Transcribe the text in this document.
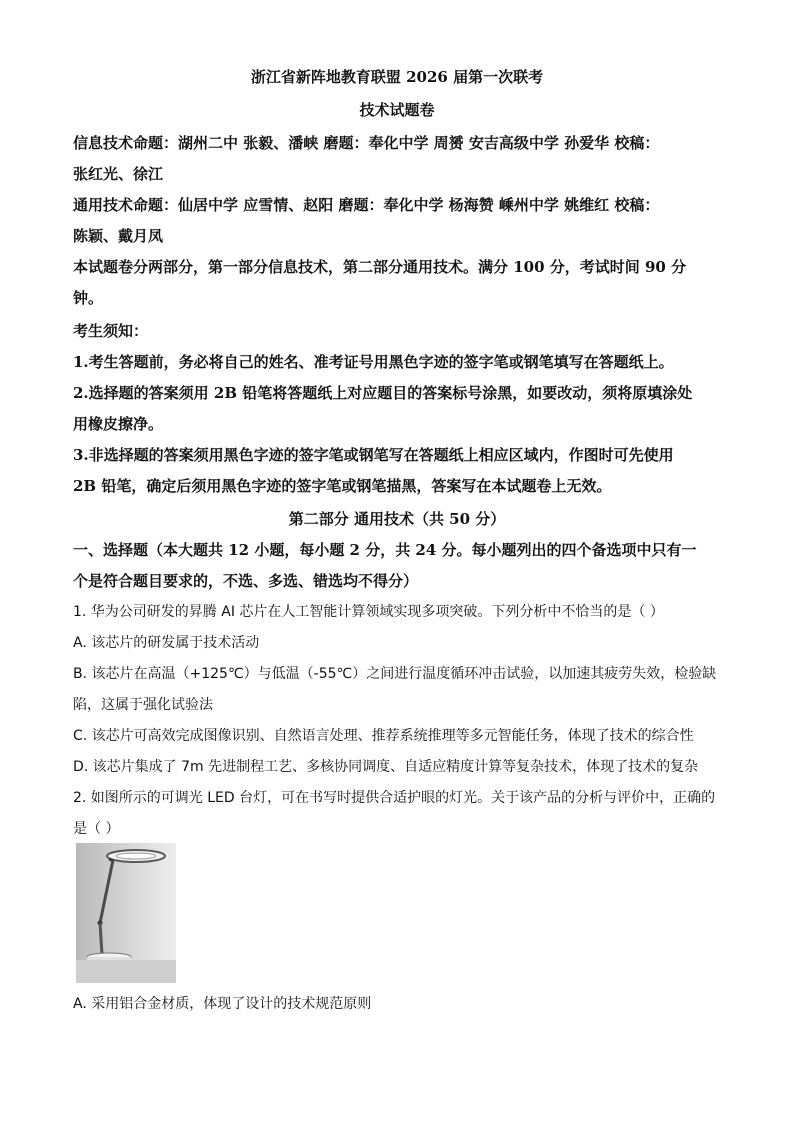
浙江省新阵地教育联盟 2026 届第一次联考
技术试题卷
信息技术命题：湖州二中 张毅、潘峡 磨题：奉化中学 周赟 安吉高级中学 孙爱华 校稿：
张红光、徐江
通用技术命题：仙居中学 应雪情、赵阳 磨题：奉化中学 杨海赞 嵊州中学 姚维红 校稿：
陈颖、戴月凤
本试题卷分两部分，第一部分信息技术，第二部分通用技术。满分 100 分，考试时间 90 分
钟。
考生须知：
1.考生答题前，务必将自己的姓名、准考证号用黑色字迹的签字笔或钢笔填写在答题纸上。
2.选择题的答案须用 2B 铅笔将答题纸上对应题目的答案标号涂黑，如要改动，须将原填涂处
用橡皮擦净。
3.非选择题的答案须用黑色字迹的签字笔或钢笔写在答题纸上相应区域内，作图时可先使用
2B 铅笔，确定后须用黑色字迹的签字笔或钢笔描黑，答案写在本试题卷上无效。
第二部分 通用技术（共 50 分）
一、选择题（本大题共 12 小题，每小题 2 分，共 24 分。每小题列出的四个备选项中只有一
个是符合题目要求的，不选、多选、错选均不得分）
1. 华为公司研发的昇腾 AI 芯片在人工智能计算领域实现多项突破。下列分析中不恰当的是（ ）
A. 该芯片的研发属于技术活动
B. 该芯片在高温（+125℃）与低温（-55℃）之间进行温度循环冲击试验，以加速其疲劳失效，检验缺
陷，这属于强化试验法
C. 该芯片可高效完成图像识别、自然语言处理、推荐系统推理等多元智能任务，体现了技术的综合性
D. 该芯片集成了 7m 先进制程工艺、多核协同调度、自适应精度计算等复杂技术，体现了技术的复杂
2. 如图所示的可调光 LED 台灯，可在书写时提供合适护眼的灯光。关于该产品的分析与评价中，正确的
是（ ）
A. 采用铝合金材质，体现了设计的技术规范原则
